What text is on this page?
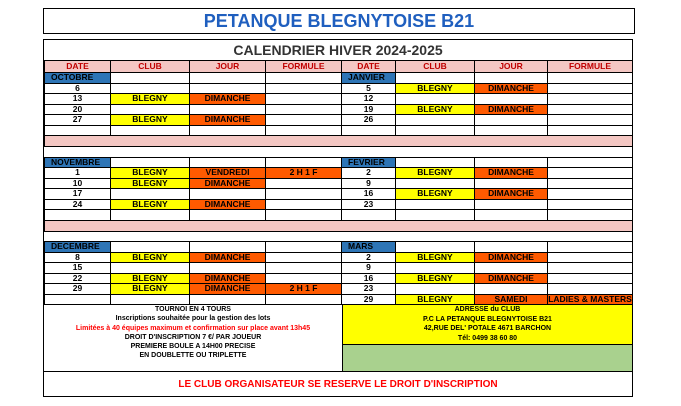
PETANQUE BLEGNYTOISE B21
CALENDRIER HIVER 2024-2025
DATE	CLUB	JOUR	FORMULE	DATE	CLUB	JOUR	FORMULE
OCTOBRE				JANVIER			
6				5	BLEGNY	DIMANCHE	
13	BLEGNY	DIMANCHE		12			
20				19	BLEGNY	DIMANCHE	
27	BLEGNY	DIMANCHE		26			

NOVEMBRE				FEVRIER			
1	BLEGNY	VENDREDI	2 H 1 F	2	BLEGNY	DIMANCHE	
10	BLEGNY	DIMANCHE		9			
17				16	BLEGNY	DIMANCHE	
24	BLEGNY	DIMANCHE		23			

DECEMBRE				MARS			
8	BLEGNY	DIMANCHE		2	BLEGNY	DIMANCHE	
15				9			
22	BLEGNY	DIMANCHE		16	BLEGNY	DIMANCHE	
29	BLEGNY	DIMANCHE	2 H 1 F	23			
				29	BLEGNY	SAMEDI	LADIES & MASTERS
TOURNOI EN 4 TOURS
Inscriptions souhaitée pour la gestion des lots
Limitées à 40 équipes maximum et confirmation sur place avant 13h45
DROIT D'INSCRIPTION 7 €/ PAR JOUEUR
PREMIERE BOULE A 14H00 PRECISE
EN DOUBLETTE OU TRIPLETTE
ADRESSE du CLUB
P.C LA PETANQUE BLEGNYTOISE B21
42,RUE DEL' POTALE 4671 BARCHON
Tél: 0499 38 60 80
LE CLUB ORGANISATEUR SE RESERVE LE DROIT D'INSCRIPTION
